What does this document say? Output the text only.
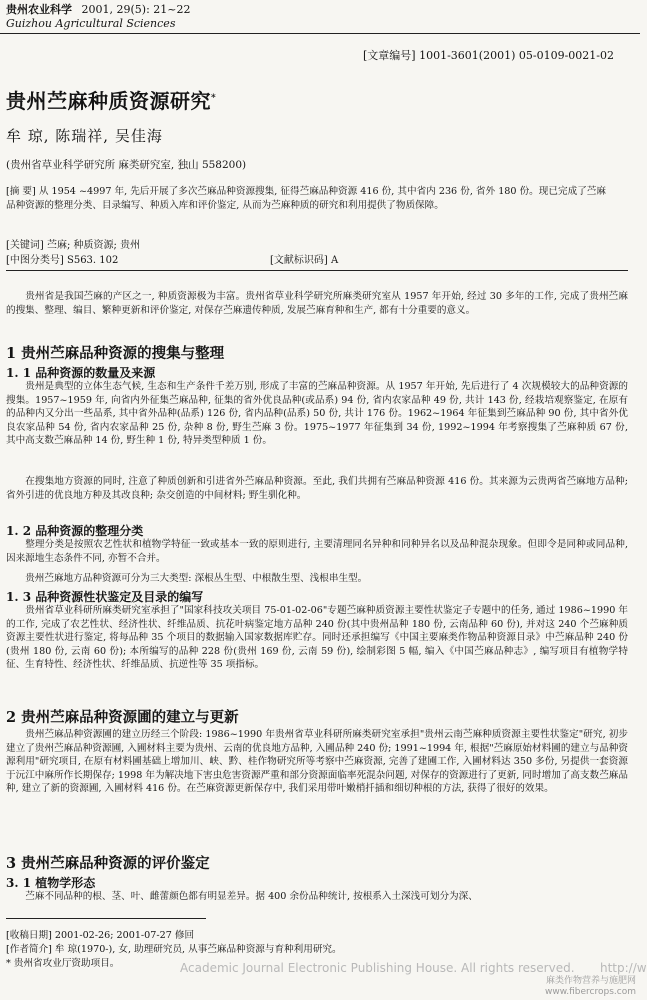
贵州农业科学 2001, 29(5): 21~22
Guizhou Agricultural Sciences
[文章编号] 1001-3601(2001) 05-0109-0021-02
贵州苎麻种质资源研究*
牟 琼, 陈瑞祥, 吴佳海
(贵州省草业科学研究所 麻类研究室, 独山 558200)
[摘 要] 从 1954 ~4997 年, 先后开展了多次苎麻品种资源搜集, 征得苎麻品种资源 416 份, 其中省内 236 份, 省外 180 份。现已完成了苎麻品种资源的整理分类、目录编写、种质入库和评价鉴定, 从而为苎麻种质的研究和利用提供了物质保障。
[关键词] 苎麻; 种质资源; 贵州
[中图分类号] S563. 102	[文献标识码] A
贵州省是我国苎麻的产区之一, 种质资源极为丰富。贵州省草业科学研究所麻类研究室从 1957 年开始, 经过 30 多年的工作, 完成了贵州苎麻的搜集、整理、编目、繁种更新和评价鉴定, 对保存苎麻遗传种质, 发展苎麻育种和生产, 都有十分重要的意义。
1 贵州苎麻品种资源的搜集与整理
1. 1 品种资源的数量及来源
贵州是典型的立体生态气候, 生态和生产条件千差万别, 形成了丰富的苎麻品种资源。从 1957 年开始, 先后进行了 4 次规模较大的品种资源的搜集。1957~1959 年, 向省内外征集苎麻品种, 征集的省外优良品种(或品系) 94 份, 省内农家品种 49 份, 共计 143 份, 经栽培观察鉴定, 在原有的品种内又分出一些品系, 其中省外品种(品系) 126 份, 省内品种(品系) 50 份, 共计 176 份。1962~1964 年征集到苎麻品种 90 份, 其中省外优良农家品种 54 份, 省内农家品种 25 份, 杂种 8 份, 野生苎麻 3 份。1975~1977 年征集到 34 份, 1992~1994 年考察搜集了苎麻种质 67 份, 其中高支数苎麻品种 14 份, 野生种 1 份, 特异类型种质 1 份。
在搜集地方资源的同时, 注意了种质创新和引进省外苎麻品种资源。至此, 我们共拥有苎麻品种资源 416 份。其来源为云贵两省苎麻地方品种; 省外引进的优良地方种及其改良种; 杂交创造的中间材料; 野生驯化种。
1. 2 品种资源的整理分类
整理分类是按照农艺性状和植物学特征一致或基本一致的原则进行, 主要清理同名异种和同种异名以及品种混杂现象。但即令是同种或同品种, 因来源地生态条件不同, 亦暂不合并。
贵州苎麻地方品种资源可分为三大类型: 深根丛生型、中根散生型、浅根串生型。
1. 3 品种资源性状鉴定及目录的编写
贵州省草业科研所麻类研究室承担了"国家科技攻关项目 75-01-02-06"专题苎麻种质资源主要性状鉴定子专题中的任务, 通过 1986~1990 年的工作, 完成了农艺性状、经济性状、纤维品质、抗花叶病鉴定地方品种 240 份(其中贵州品种 180 份, 云南品种 60 份), 并对这 240 个苎麻种质资源主要性状进行鉴定, 将每品种 35 个项目的数据输入国家数据库贮存。同时还承担编写《中国主要麻类作物品种资源目录》中苎麻品种 240 份(贵州 180 份, 云南 60 份); 本所编写的品种 228 份(贵州 169 份, 云南 59 份), 绘制彩图 5 幅, 编入《中国苎麻品种志》, 编写项目有植物学特征、生育特性、经济性状、纤维品质、抗逆性等 35 项指标。
2 贵州苎麻品种资源圃的建立与更新
贵州苎麻品种资源圃的建立历经三个阶段: 1986~1990 年贵州省草业科研所麻类研究室承担"贵州云南苎麻种质资源主要性状鉴定"研究, 初步建立了贵州苎麻品种资源圃, 入圃材料主要为贵州、云南的优良地方品种, 入圃品种 240 份; 1991~1994 年, 根据"苎麻原始材料圃的建立与品种资源利用"研究项目, 在原有材料圃基础上增加川、峡、黔、桂作物研究所等考察中苎麻资源, 完善了建圃工作, 入圃材料达 350 多份, 另提供一套资源于沅江中麻所作长期保存; 1998 年为解决地下害虫危害资源严重和部分资源面临率死混杂问题, 对保存的资源进行了更新, 同时增加了高支数苎麻品种, 建立了新的资源圃, 入圃材料 416 份。在苎麻资源更新保存中, 我们采用带叶嫩梢扦插和细切种根的方法, 获得了很好的效果。
3 贵州苎麻品种资源的评价鉴定
3. 1 植物学形态
苎麻不同品种的根、茎、叶、雌蕾颜色都有明显差异。据 400 余份品种统计, 按根系入土深浅可划分为深、
[收稿日期] 2001-02-26; 2001-07-27 修回
[作者简介] 牟 琼(1970-), 女, 助理研究员, 从事苎麻品种资源与育种利用研究。
* 贵州省攻业厅资助项目。	Academic Journal Electronic Publishing House. All rights reserved. http://w
麻类作物营养与施肥网
www.fibercrops.com
